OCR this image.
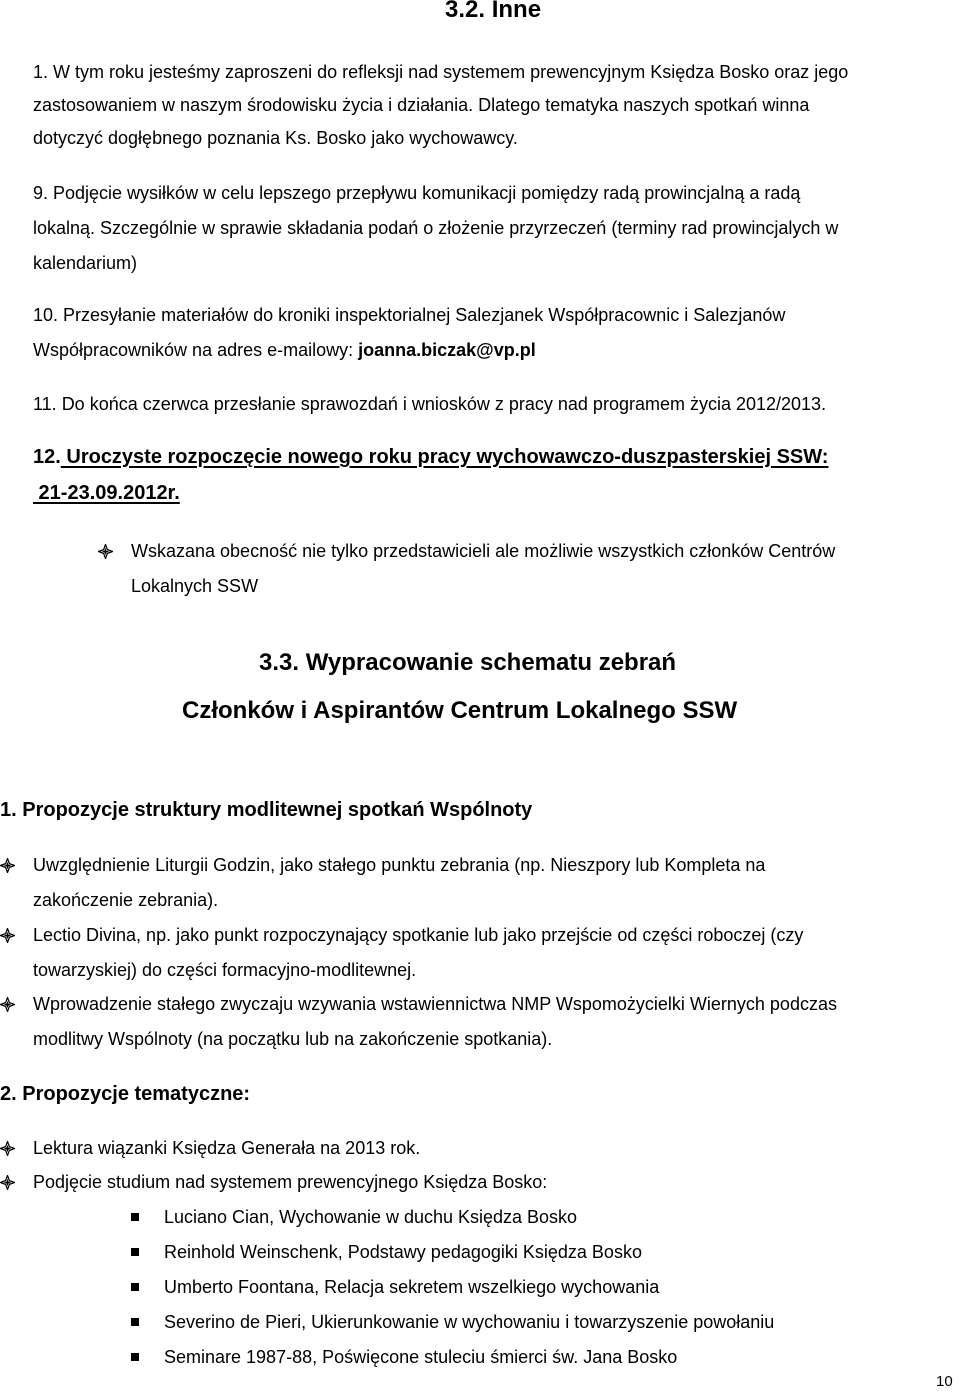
3.2. Inne
1. W tym roku jesteśmy zaproszeni do refleksji nad systemem prewencyjnym Księdza Bosko oraz jego
zastosowaniem w naszym środowisku życia i działania. Dlatego tematyka naszych spotkań winna
dotyczyć dogłębnego poznania Ks. Bosko jako wychowawcy.
9. Podjęcie wysiłków w celu lepszego przepływu komunikacji pomiędzy radą prowincjalną a radą
lokalną. Szczególnie w sprawie składania podań o złożenie przyrzeczeń (terminy rad prowincjalych w
kalendarium)
10. Przesyłanie materiałów do kroniki inspektorialnej Salezjanek Współpracownic i Salezjanów
Współpracowników na adres e-mailowy: joanna.biczak@vp.pl
11. Do końca czerwca przesłanie sprawozdań i wniosków z pracy nad programem życia 2012/2013.
12. Uroczyste rozpoczęcie nowego roku pracy wychowawczo-duszpasterskiej SSW:
21-23.09.2012r.
Wskazana obecność nie tylko przedstawicieli ale możliwie wszystkich członków Centrów
Lokalnych SSW
3.3. Wypracowanie schematu zebrań
Członków i Aspirantów Centrum Lokalnego SSW
1. Propozycje struktury modlitewnej spotkań Wspólnoty
Uwzględnienie Liturgii Godzin, jako stałego punktu zebrania (np. Nieszpory lub Kompleta na
zakończenie zebrania).
Lectio Divina, np. jako punkt rozpoczynający spotkanie lub jako przejście od części roboczej (czy
towarzyskiej) do części formacyjno-modlitewnej.
Wprowadzenie stałego zwyczaju wzywania wstawiennictwa NMP Wspomożycielki Wiernych podczas
modlitwy Wspólnoty (na początku lub na zakończenie spotkania).
2. Propozycje tematyczne:
Lektura wiązanki Księdza Generała na 2013 rok.
Podjęcie studium nad systemem prewencyjnego Księdza Bosko:
Luciano Cian, Wychowanie w duchu Księdza Bosko
Reinhold Weinschenk, Podstawy pedagogiki Księdza Bosko
Umberto Foontana, Relacja sekretem wszelkiego wychowania
Severino de Pieri, Ukierunkowanie w wychowaniu i towarzyszenie powołaniu
Seminare 1987-88, Poświęcone stuleciu śmierci św. Jana Bosko
10
